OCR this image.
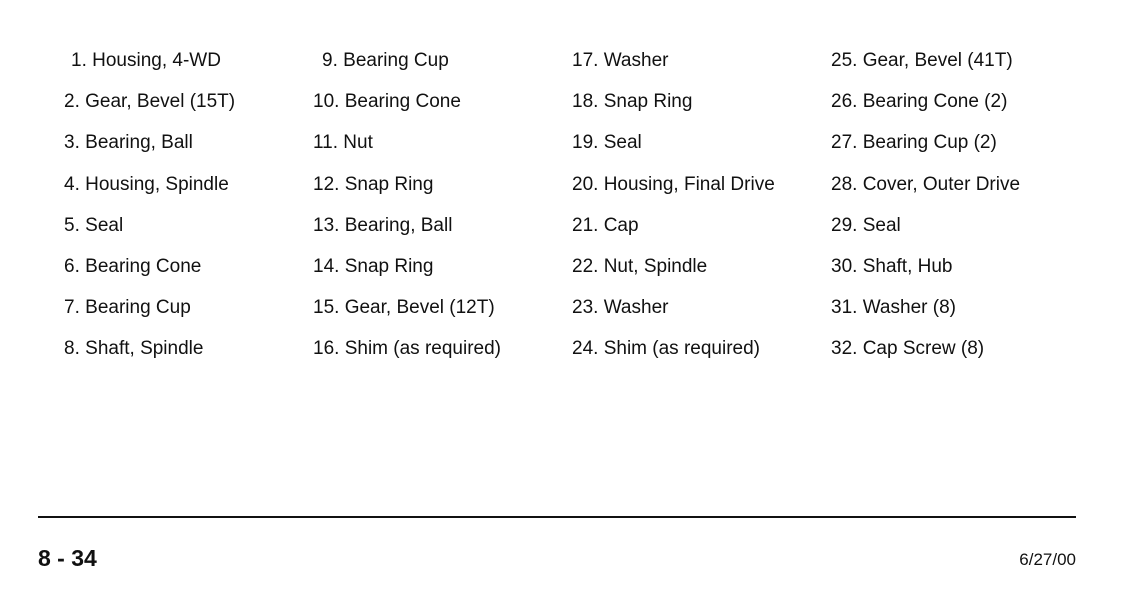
1. Housing, 4-WD
2. Gear, Bevel (15T)
3. Bearing, Ball
4. Housing, Spindle
5. Seal
6. Bearing Cone
7. Bearing Cup
8. Shaft, Spindle
9. Bearing Cup
10. Bearing Cone
11. Nut
12. Snap Ring
13. Bearing, Ball
14. Snap Ring
15. Gear, Bevel (12T)
16. Shim (as required)
17. Washer
18. Snap Ring
19. Seal
20. Housing, Final Drive
21. Cap
22. Nut, Spindle
23. Washer
24. Shim (as required)
25. Gear, Bevel (41T)
26. Bearing Cone (2)
27. Bearing Cup (2)
28. Cover, Outer Drive
29. Seal
30. Shaft, Hub
31. Washer (8)
32. Cap Screw (8)
8 - 34	6/27/00
